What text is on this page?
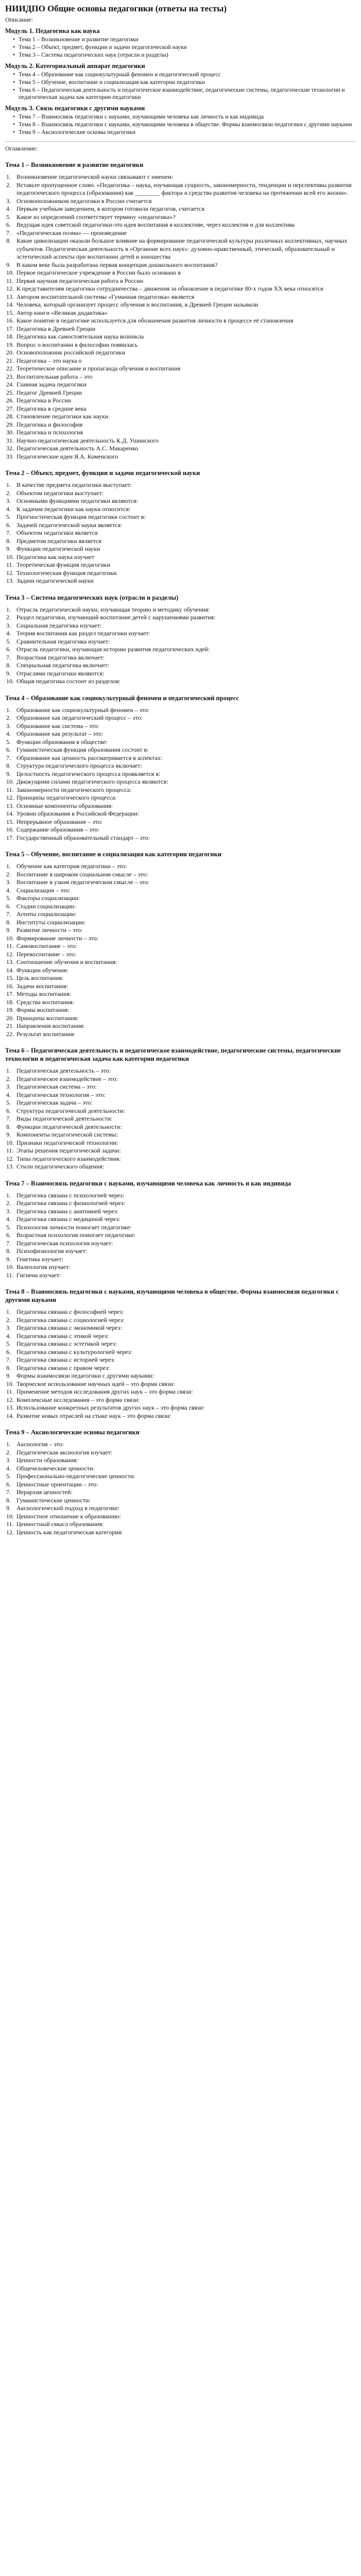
НИИДПО Общие основы педагогики (ответы на тесты)
Описание:
Модуль 1. Педагогика как наука
• Тема 1 – Возникновение и развитие педагогики
• Тема 2 – Объект, предмет, функции и задачи педагогической науки
• Тема 3 – Система педагогических наук (отрасли и разделы)
Модуль 2. Категориальный аппарат педагогики
• Тема 4 – Образование как социокультурный феномен и педагогический процесс
• Тема 5 – Обучение, воспитание и социализация как категории педагогики
• Тема 6 – Педагогическая деятельность и педагогическое взаимодействие, педагогические системы, педагогические технологии и педагогическая задача как категории педагогики
Модуль 3. Связь педагогики с другими науками
• Тема 7 – Взаимосвязь педагогики с науками, изучающими человека как личность и как индивида
• Тема 8 – Взаимосвязь педагогики с науками, изучающими человека в обществе. Формы взаимосвязи педагогики с другими науками
• Тема 9 – Аксиологические основы педагогики
Оглавление:
Тема 1 – Возникновение и развитие педагогики
1. Возникновение педагогической науки связывают с именем:
2. Вставьте пропущенное слово. «Педагогика – наука, изучающая сущность, закономерности, тенденции и перспективы развития педагогического процесса (образования) как ________ фактора и средства развития человека на протяжении всей его жизни».
3. Основоположником педагогики в России считается
4. Первым учебным заведением, в котором готовили педагогов, считается
5. Какое из определений соответствует термину «педагогика»?
6. Ведущая идея советской педагогики-это идея воспитания в коллективе, через коллектив и для коллектива
7. «Педагогическая поэма» — произведение
8. Какие цивилизации оказали большое влияние на формирование педагогической культуры различных коллективных, научных субъектов. Педагогическая деятельность в «Органоне всех наук»: духовно-нравственный, этический, образовательный и эстетический аспекты при воспитании детей и юношества
9. В каком веке была разработана первая концепция дошкольного воспитания?
10. Первое педагогическое учреждение в России было основано в
11. Первая научная педагогическая работа в России
12. К представителям педагогики сотрудничества – движения за обновление в педагогике 80-х годов XX века относятся
13. Автором воспитательной системы «Гуманная педагогика» является
14. Человека, который организует процесс обучения и воспитания, в Древней Греции называли
15. Автор книги «Великая дидактика»
16. Какое понятие в педагогике используется для обозначения развития личности в процессе её становления
17. Педагогика в Древней Греции
18. Педагогика как самостоятельная наука возникла
19. Вопрос о воспитании в философии появилась
20. Основоположник российской педагогики
21. Педагогика – это наука о
22. Теоретическое описание и пропаганда обучения и воспитания
23. Воспитательная работа – это
24. Главная задача педагогики
25. Педагог Древней Греции
26. Педагогика в России
27. Педагогика в средние века
28. Становление педагогики как науки
29. Педагогика и философия
30. Педагогика и психология
31. Научно-педагогическая деятельность К.Д. Ушинского
32. Педагогическая деятельность А.С. Макаренко
33. Педагогические идеи Я.А. Коменского
Тема 2 – Объект, предмет, функции и задачи педагогической науки
1. В качестве предмета педагогики выступает:
2. Объектом педагогики выступает:
3. Основными функциями педагогики являются:
4. К задачам педагогики как науки относится:
5. Прогностическая функция педагогики состоит в:
6. Задачей педагогической науки является:
7. Объектом педагогики является
8. Предметом педагогики является
9. Функции педагогической науки
10. Педагогика как наука изучает
11. Теоретическая функция педагогики
12. Технологическая функция педагогики
13. Задачи педагогической науки
Тема 3 – Система педагогических наук (отрасли и разделы)
1. Отрасль педагогической науки, изучающая теорию и методику обучения:
2. Раздел педагогики, изучающий воспитание детей с нарушениями развития:
3. Социальная педагогика изучает:
4. Теория воспитания как раздел педагогики изучает:
5. Сравнительная педагогика изучает:
6. Отрасль педагогики, изучающая историю развития педагогических идей:
7. Возрастная педагогика включает:
8. Специальная педагогика включает:
9. Отраслями педагогики являются:
10. Общая педагогика состоит из разделов:
Тема 4 – Образование как социокультурный феномен и педагогический процесс
1. Образование как социокультурный феномен – это:
2. Образование как педагогический процесс – это:
3. Образование как система – это:
4. Образование как результат – это:
5. Функции образования в обществе:
6. Гуманистическая функция образования состоит в:
7. Образование как ценность рассматривается в аспектах:
8. Структура педагогического процесса включает:
9. Целостность педагогического процесса проявляется в:
10. Движущими силами педагогического процесса являются:
11. Закономерности педагогического процесса:
12. Принципы педагогического процесса:
13. Основные компоненты образования:
14. Уровни образования в Российской Федерации:
15. Непрерывное образование – это:
16. Содержание образования – это:
17. Государственный образовательный стандарт – это:
Тема 5 – Обучение, воспитание и социализация как категории педагогики
1. Обучение как категория педагогики – это:
2. Воспитание в широком социальном смысле – это:
3. Воспитание в узком педагогическом смысле – это:
4. Социализация – это:
5. Факторы социализации:
6. Стадии социализации:
7. Агенты социализации:
8. Институты социализации:
9. Развитие личности – это:
10. Формирование личности – это:
11. Самовоспитание – это:
12. Перевоспитание – это:
13. Соотношение обучения и воспитания:
14. Функции обучения:
15. Цель воспитания:
16. Задачи воспитания:
17. Методы воспитания:
18. Средства воспитания:
19. Формы воспитания:
20. Принципы воспитания:
21. Направления воспитания:
22. Результат воспитания:
Тема 6 – Педагогическая деятельность и педагогическое взаимодействие, педагогические системы, педагогические технологии и педагогическая задача как категории педагогики
1. Педагогическая деятельность – это:
2. Педагогическое взаимодействие – это:
3. Педагогическая система – это:
4. Педагогическая технология – это:
5. Педагогическая задача – это:
6. Структура педагогической деятельности:
7. Виды педагогической деятельности:
8. Функции педагогической деятельности:
9. Компоненты педагогической системы:
10. Признаки педагогической технологии:
11. Этапы решения педагогической задачи:
12. Типы педагогического взаимодействия:
13. Стили педагогического общения:
Тема 7 – Взаимосвязь педагогики с науками, изучающими человека как личность и как индивида
1. Педагогика связана с психологией через:
2. Педагогика связана с физиологией через:
3. Педагогика связана с анатомией через:
4. Педагогика связана с медициной через:
5. Психология личности помогает педагогике:
6. Возрастная психология помогает педагогике:
7. Педагогическая психология изучает:
8. Психофизиология изучает:
9. Генетика изучает:
10. Валеология изучает:
11. Гигиена изучает:
Тема 8 – Взаимосвязь педагогики с науками, изучающими человека в обществе. Формы взаимосвязи педагогики с другими науками
1. Педагогика связана с философией через:
2. Педагогика связана с социологией через:
3. Педагогика связана с экономикой через:
4. Педагогика связана с этикой через:
5. Педагогика связана с эстетикой через:
6. Педагогика связана с культурологией через:
7. Педагогика связана с историей через:
8. Педагогика связана с правом через:
9. Формы взаимосвязи педагогики с другими науками:
10. Творческое использование научных идей – это форма связи:
11. Применение методов исследования других наук – это форма связи:
12. Комплексные исследования – это форма связи:
13. Использование конкретных результатов других наук – это форма связи:
14. Развитие новых отраслей на стыке наук – это форма связи:
Тема 9 – Аксиологические основы педагогики
1. Аксиология – это:
2. Педагогическая аксиология изучает:
3. Ценности образования:
4. Общечеловеческие ценности:
5. Профессионально-педагогические ценности:
6. Ценностные ориентации – это:
7. Иерархия ценностей:
8. Гуманистические ценности:
9. Аксиологический подход в педагогике:
10. Ценностное отношение к образованию:
11. Ценностный смысл образования:
12. Ценность как педагогическая категория:
